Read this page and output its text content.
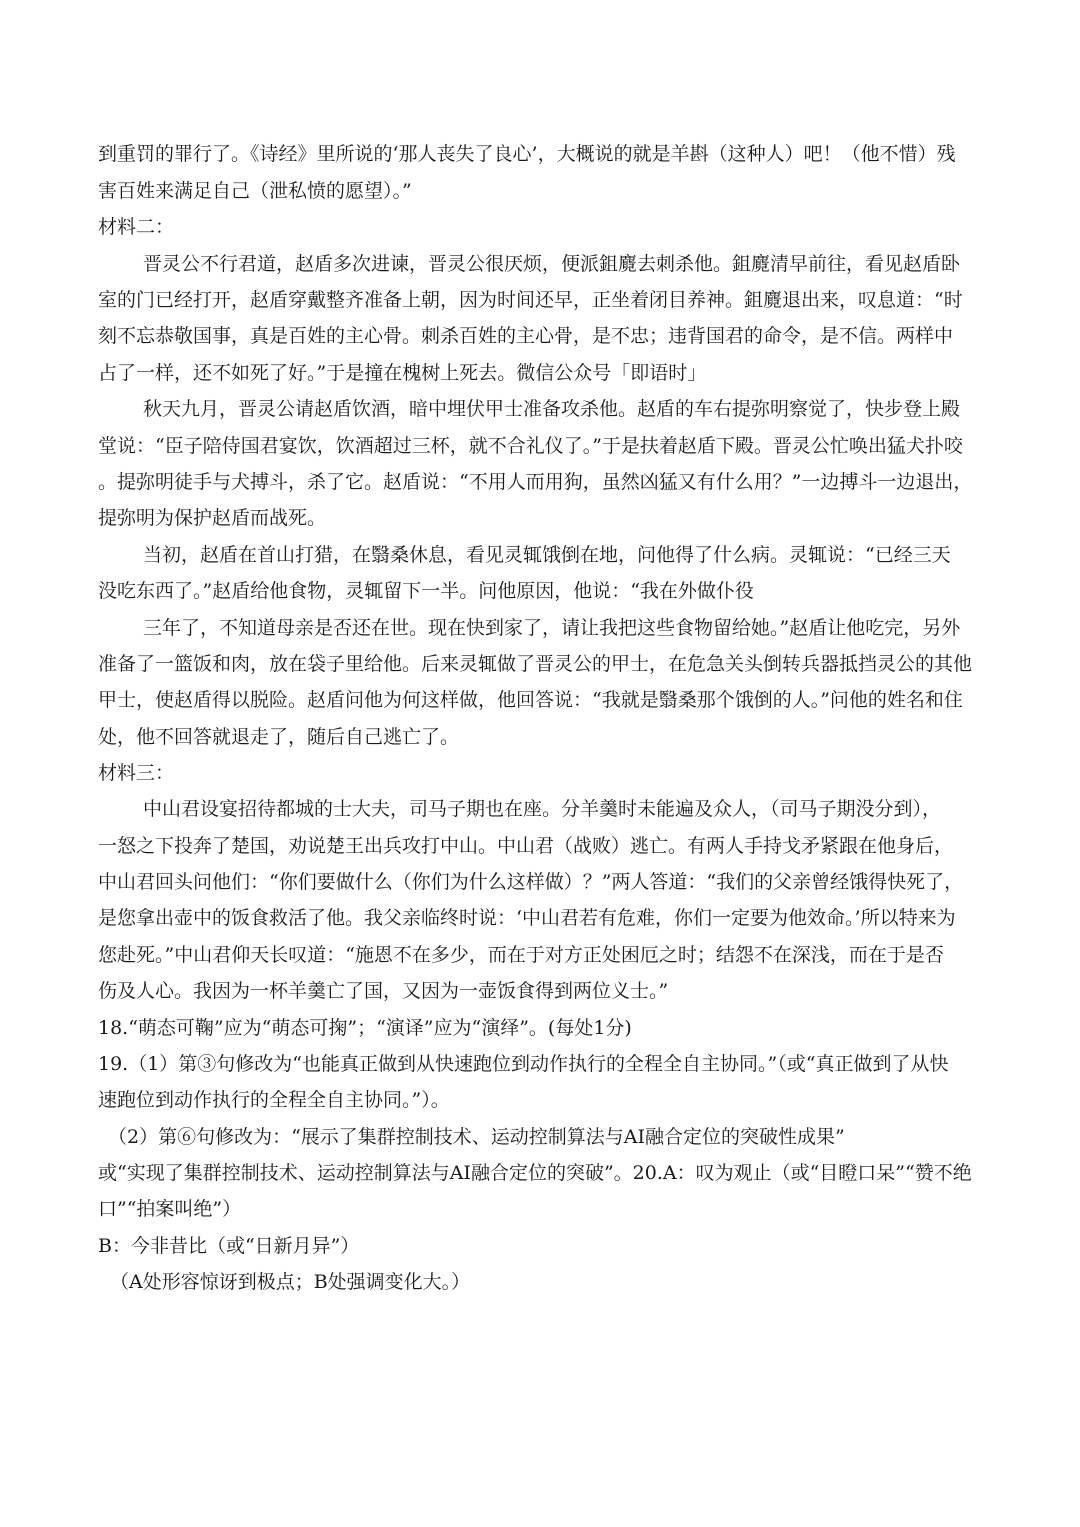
到重罚的罪行了。《诗经》里所说的‘那人丧失了良心’，大概说的就是羊斟（这种人）吧！（他不惜）残
害百姓来满足自己（泄私愤的愿望）。”
材料二：
晋灵公不行君道，赵盾多次进谏，晋灵公很厌烦，便派鉏麑去刺杀他。鉏麑清早前往，看见赵盾卧
室的门已经打开，赵盾穿戴整齐准备上朝，因为时间还早，正坐着闭目养神。鉏麑退出来，叹息道：“时
刻不忘恭敬国事，真是百姓的主心骨。刺杀百姓的主心骨，是不忠；违背国君的命令，是不信。两样中
占了一样，还不如死了好。”于是撞在槐树上死去。微信公众号「即语时」
秋天九月，晋灵公请赵盾饮酒，暗中埋伏甲士准备攻杀他。赵盾的车右提弥明察觉了，快步登上殿
堂说：“臣子陪侍国君宴饮，饮酒超过三杯，就不合礼仪了。”于是扶着赵盾下殿。晋灵公忙唤出猛犬扑咬
。提弥明徒手与犬搏斗，杀了它。赵盾说：“不用人而用狗，虽然凶猛又有什么用？”一边搏斗一边退出，
提弥明为保护赵盾而战死。
当初，赵盾在首山打猎，在翳桑休息，看见灵辄饿倒在地，问他得了什么病。灵辄说：“已经三天
没吃东西了。”赵盾给他食物，灵辄留下一半。问他原因，他说：“我在外做仆役
三年了，不知道母亲是否还在世。现在快到家了，请让我把这些食物留给她。”赵盾让他吃完，另外
准备了一篮饭和肉，放在袋子里给他。后来灵辄做了晋灵公的甲士，在危急关头倒转兵器抵挡灵公的其他
甲士，使赵盾得以脱险。赵盾问他为何这样做，他回答说：“我就是翳桑那个饿倒的人。”问他的姓名和住
处，他不回答就退走了，随后自己逃亡了。
材料三：
中山君设宴招待都城的士大夫，司马子期也在座。分羊羹时未能遍及众人，（司马子期没分到），
一怒之下投奔了楚国，劝说楚王出兵攻打中山。中山君（战败）逃亡。有两人手持戈矛紧跟在他身后，
中山君回头问他们：“你们要做什么（你们为什么这样做）？”两人答道：“我们的父亲曾经饿得快死了，
是您拿出壶中的饭食救活了他。我父亲临终时说：‘中山君若有危难，你们一定要为他效命。’所以特来为
您赴死。”中山君仰天长叹道：“施恩不在多少，而在于对方正处困厄之时；结怨不在深浅，而在于是否
伤及人心。我因为一杯羊羹亡了国，又因为一壶饭食得到两位义士。”
18.“萌态可鞠”应为“萌态可掬”；“演译”应为“演绎”。(每处1分)
19.（1）第③句修改为“也能真正做到从快速跑位到动作执行的全程全自主协同。”（或“真正做到了从快
速跑位到动作执行的全程全自主协同。”）。
（2）第⑥句修改为：“展示了集群控制技术、运动控制算法与AI融合定位的突破性成果”
或“实现了集群控制技术、运动控制算法与AI融合定位的突破”。20.A：叹为观止（或“目瞪口呆”“赞不绝
口”“拍案叫绝”）
B：今非昔比（或“日新月异”）
（A处形容惊讶到极点；B处强调变化大。）
